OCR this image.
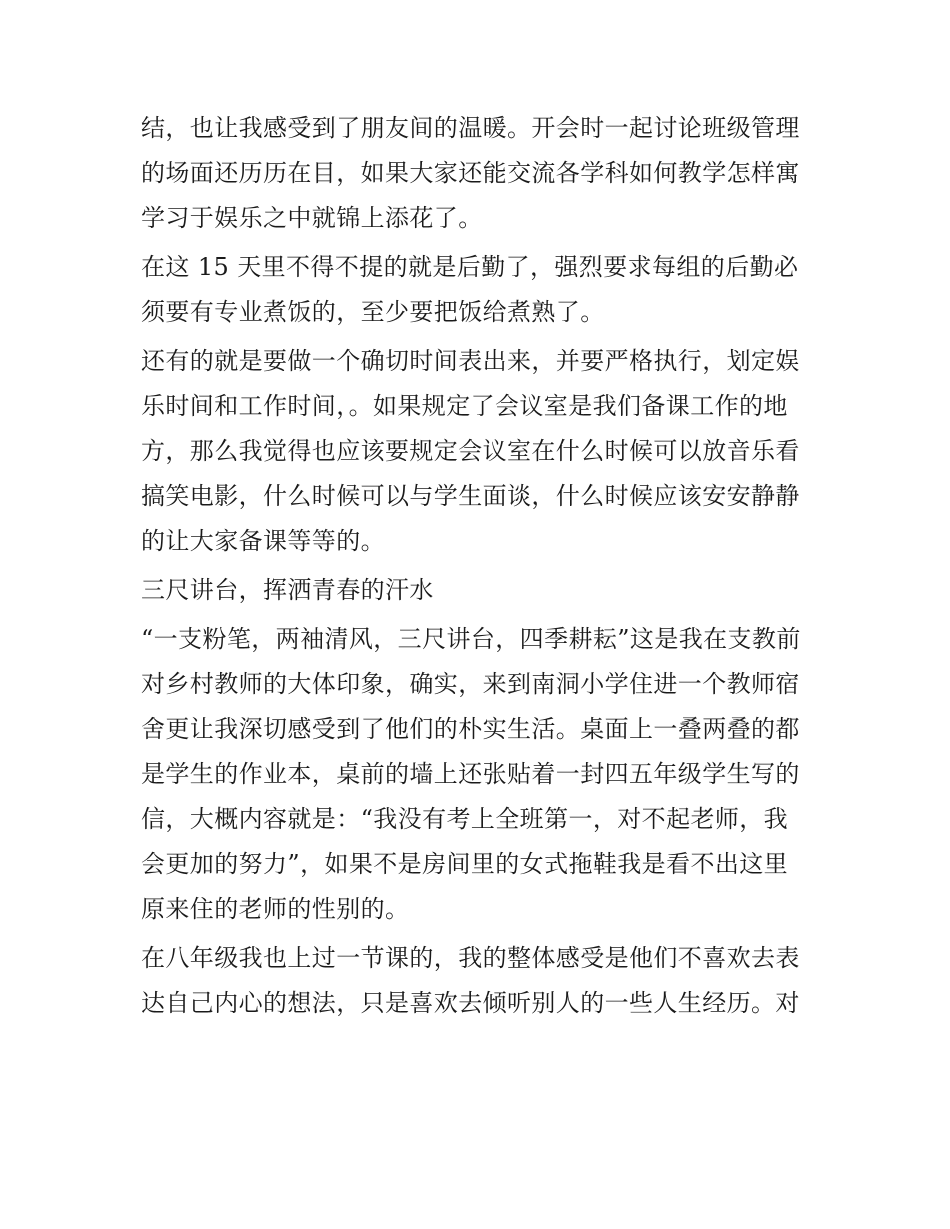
结，也让我感受到了朋友间的温暖。开会时一起讨论班级管理
的场面还历历在目，如果大家还能交流各学科如何教学怎样寓
学习于娱乐之中就锦上添花了。
在这 15 天里不得不提的就是后勤了，强烈要求每组的后勤必
须要有专业煮饭的，至少要把饭给煮熟了。
还有的就是要做一个确切时间表出来，并要严格执行，划定娱
乐时间和工作时间，。如果规定了会议室是我们备课工作的地
方，那么我觉得也应该要规定会议室在什么时候可以放音乐看
搞笑电影，什么时候可以与学生面谈，什么时候应该安安静静
的让大家备课等等的。
三尺讲台，挥洒青春的汗水
“一支粉笔，两袖清风，三尺讲台，四季耕耘”这是我在支教前
对乡村教师的大体印象，确实，来到南洞小学住进一个教师宿
舍更让我深切感受到了他们的朴实生活。桌面上一叠两叠的都
是学生的作业本，桌前的墙上还张贴着一封四五年级学生写的
信，大概内容就是：“我没有考上全班第一，对不起老师，我
会更加的努力”，如果不是房间里的女式拖鞋我是看不出这里
原来住的老师的性别的。
在八年级我也上过一节课的，我的整体感受是他们不喜欢去表
达自己内心的想法，只是喜欢去倾听别人的一些人生经历。对
